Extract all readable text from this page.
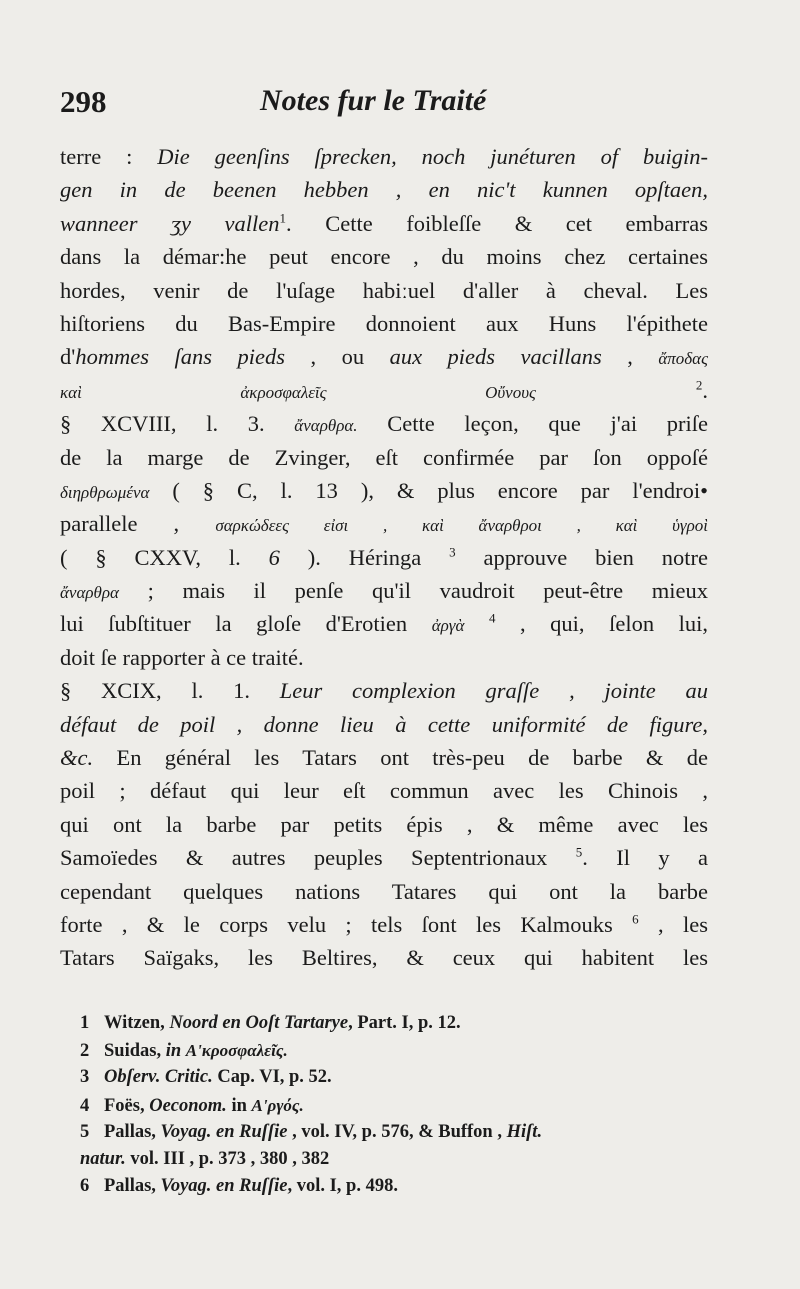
298	Notes fur le Traité
terre : Die geenſins ſprecken, noch junéturen of buigin-
gen in de beenen hebben , en nic't kunnen opſtaen,
wanneer ʒy vallen$^1$. Cette foibleſſe & cet embarras
dans la démar:he peut encore , du moins chez certaines
hordes, venir de l'uſage habiːuel d'aller à cheval. Les
hiſtoriens du Bas-Empire donnoient aux Huns l'épithete
d'hommes ſans pieds , ou aux pieds vacillans , ἄποδας
καὶ ἀκροσφαλεῖς Οὔνους	$^2$.
§ XCVIII, l. 3. ἄναρθρα. Cette leçon, que j'ai priſe
de la marge de Zvinger, eſt confirmée par ſon oppoſé
διηρθρωμένα ( § C, l. 13 ), & plus encore par l'endroi•
parallele , σαρκώδεες εἰσι , καὶ ἄναρθροι , καὶ ὑγροὶ
( § CXXV, l. 6 ). Héringa $^3$ approuve bien notre
ἄναρθρα ; mais il penſe qu'il vaudroit peut-être mieux
lui ſubſtituer la gloſe d'Erotien ἀργὰ $^4$ , qui, ſelon lui,
doit ſe rapporter à ce traité.
§ XCIX, l. 1. Leur complexion graſſe , jointe au
défaut de poil , donne lieu à cette uniformité de figure,
&c. En général les Tatars ont très-peu de barbe & de
poil ; défaut qui leur eſt commun avec les Chinois ,
qui ont la barbe par petits épis , & même avec les
Samoïedes & autres peuples Septentrionaux $^5$. Il y a
cependant quelques nations Tatares qui ont la barbe
forte , & le corps velu ; tels ſont les Kalmouks $^6$ , les
Tatars Saïgaks, les Beltires, & ceux qui habitent les
1 Witzen, Noord en Ooſt Tartarye, Part. I, p. 12.
2 Suidas, in A'κροσφαλεῖς.
3 Obſerv. Critic. Cap. VI, p. 52.
4 Foës, Oeconom. in A'ργός.
5 Pallas, Voyag. en Ruſſie , vol. IV, p. 576, & Buffon , Hiſt.
natur. vol. III , p. 373 , 380 , 382
6 Pallas, Voyag. en Ruſſie, vol. I, p. 498.
